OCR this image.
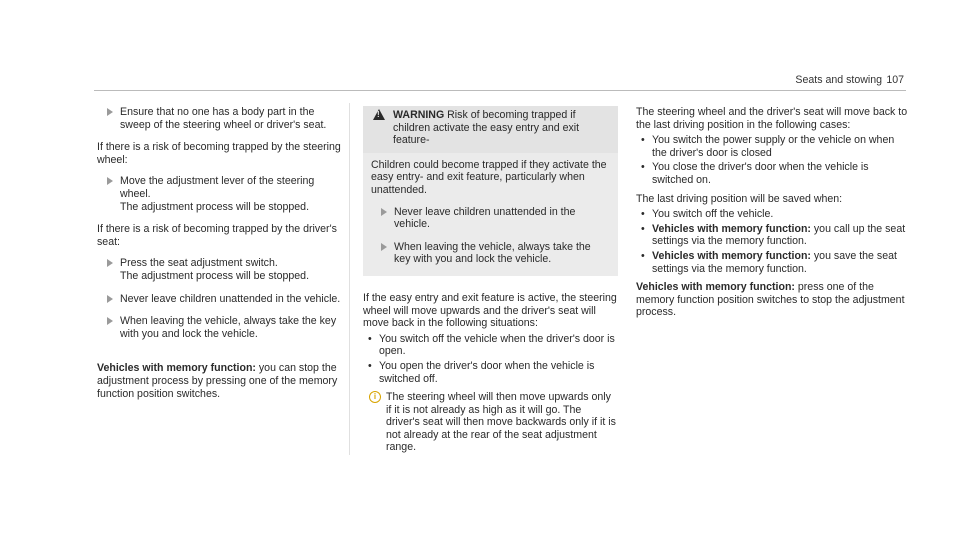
Seats and stowing 107
Ensure that no one has a body part in the sweep of the steering wheel or driver's seat.

If there is a risk of becoming trapped by the steering wheel:

Move the adjustment lever of the steering wheel.
The adjustment process will be stopped.

If there is a risk of becoming trapped by the driver's seat:

Press the seat adjustment switch.
The adjustment process will be stopped.
Never leave children unattended in the vehicle.
When leaving the vehicle, always take the key with you and lock the vehicle.

Vehicles with memory function: you can stop the adjustment process by pressing one of the memory function position switches.

!
WARNING Risk of becoming trapped if children activate the easy entry and exit feature-

Children could become trapped if they activate the easy entry- and exit feature, particularly when unattended.

Never leave children unattended in the vehicle.
When leaving the vehicle, always take the key with you and lock the vehicle.

If the easy entry and exit feature is active, the steering wheel will move upwards and the driver's seat will move back in the following situations:

• You switch off the vehicle when the driver's door is open.
• You open the driver's door when the vehicle is switched off.
i The steering wheel will then move upwards only if it is not already as high as it will go. The driver's seat will then move backwards only if it is not already at the rear of the seat adjustment range.

The steering wheel and the driver's seat will move back to the last driving position in the following cases:

• You switch the power supply or the vehicle on when the driver's door is closed
• You close the driver's door when the vehicle is switched on.

The last driving position will be saved when:

• You switch off the vehicle.
• Vehicles with memory function: you call up the seat settings via the memory function.
• Vehicles with memory function: you save the seat settings via the memory function.

Vehicles with memory function: press one of the memory function position switches to stop the adjustment process.
